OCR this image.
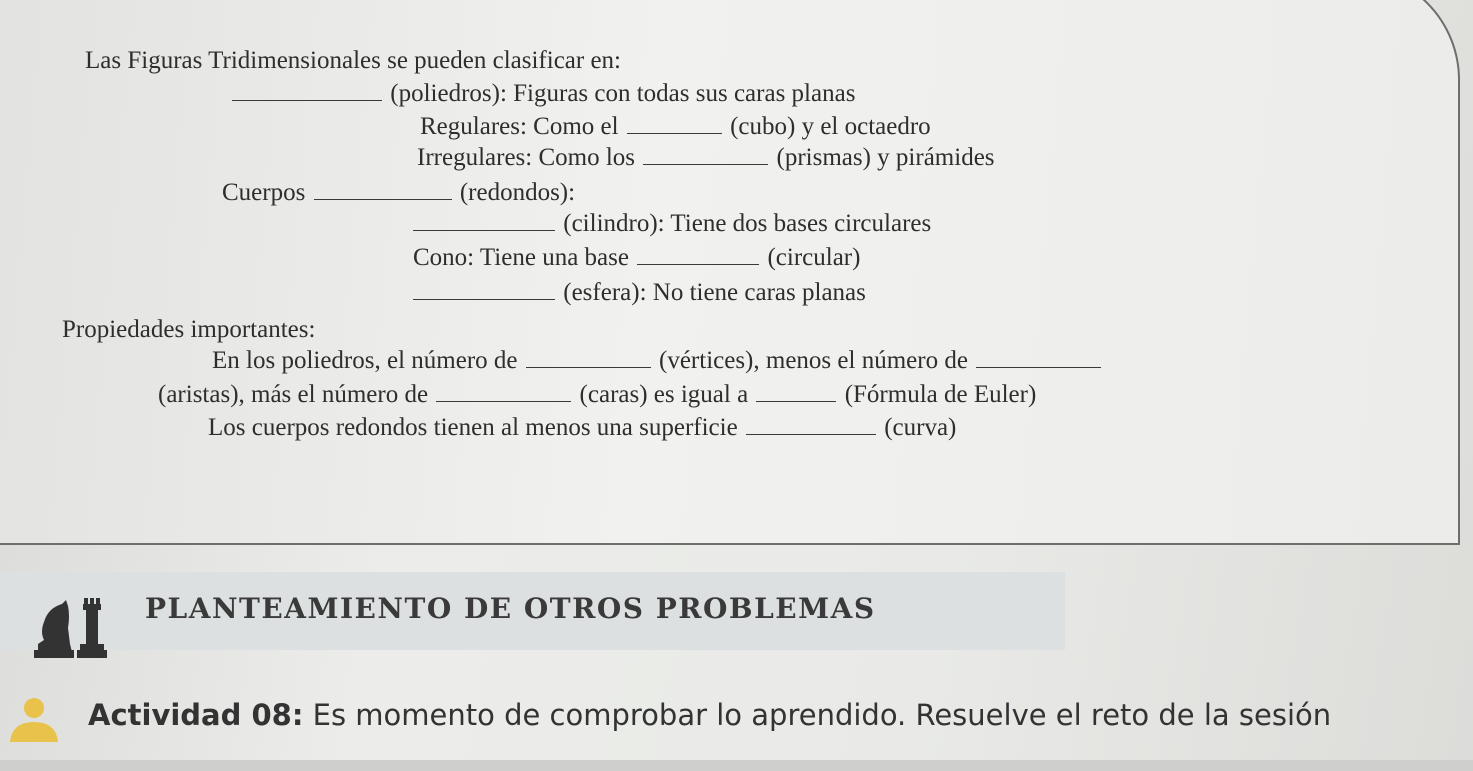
Las Figuras Tridimensionales se pueden clasificar en:
(poliedros): Figuras con todas sus caras planas
Regulares: Como el	(cubo) y el octaedro
Irregulares: Como los	(prismas) y pirámides
Cuerpos	(redondos):
(cilindro): Tiene dos bases circulares
Cono: Tiene una base	(circular)
(esfera): No tiene caras planas
Propiedades importantes:
En los poliedros, el número de	(vértices), menos el número de
(aristas), más el número de	(caras) es igual a	(Fórmula de Euler)
Los cuerpos redondos tienen al menos una superficie	(curva)
PLANTEAMIENTO DE OTROS PROBLEMAS
Actividad 08: Es momento de comprobar lo aprendido. Resuelve el reto de la sesión
